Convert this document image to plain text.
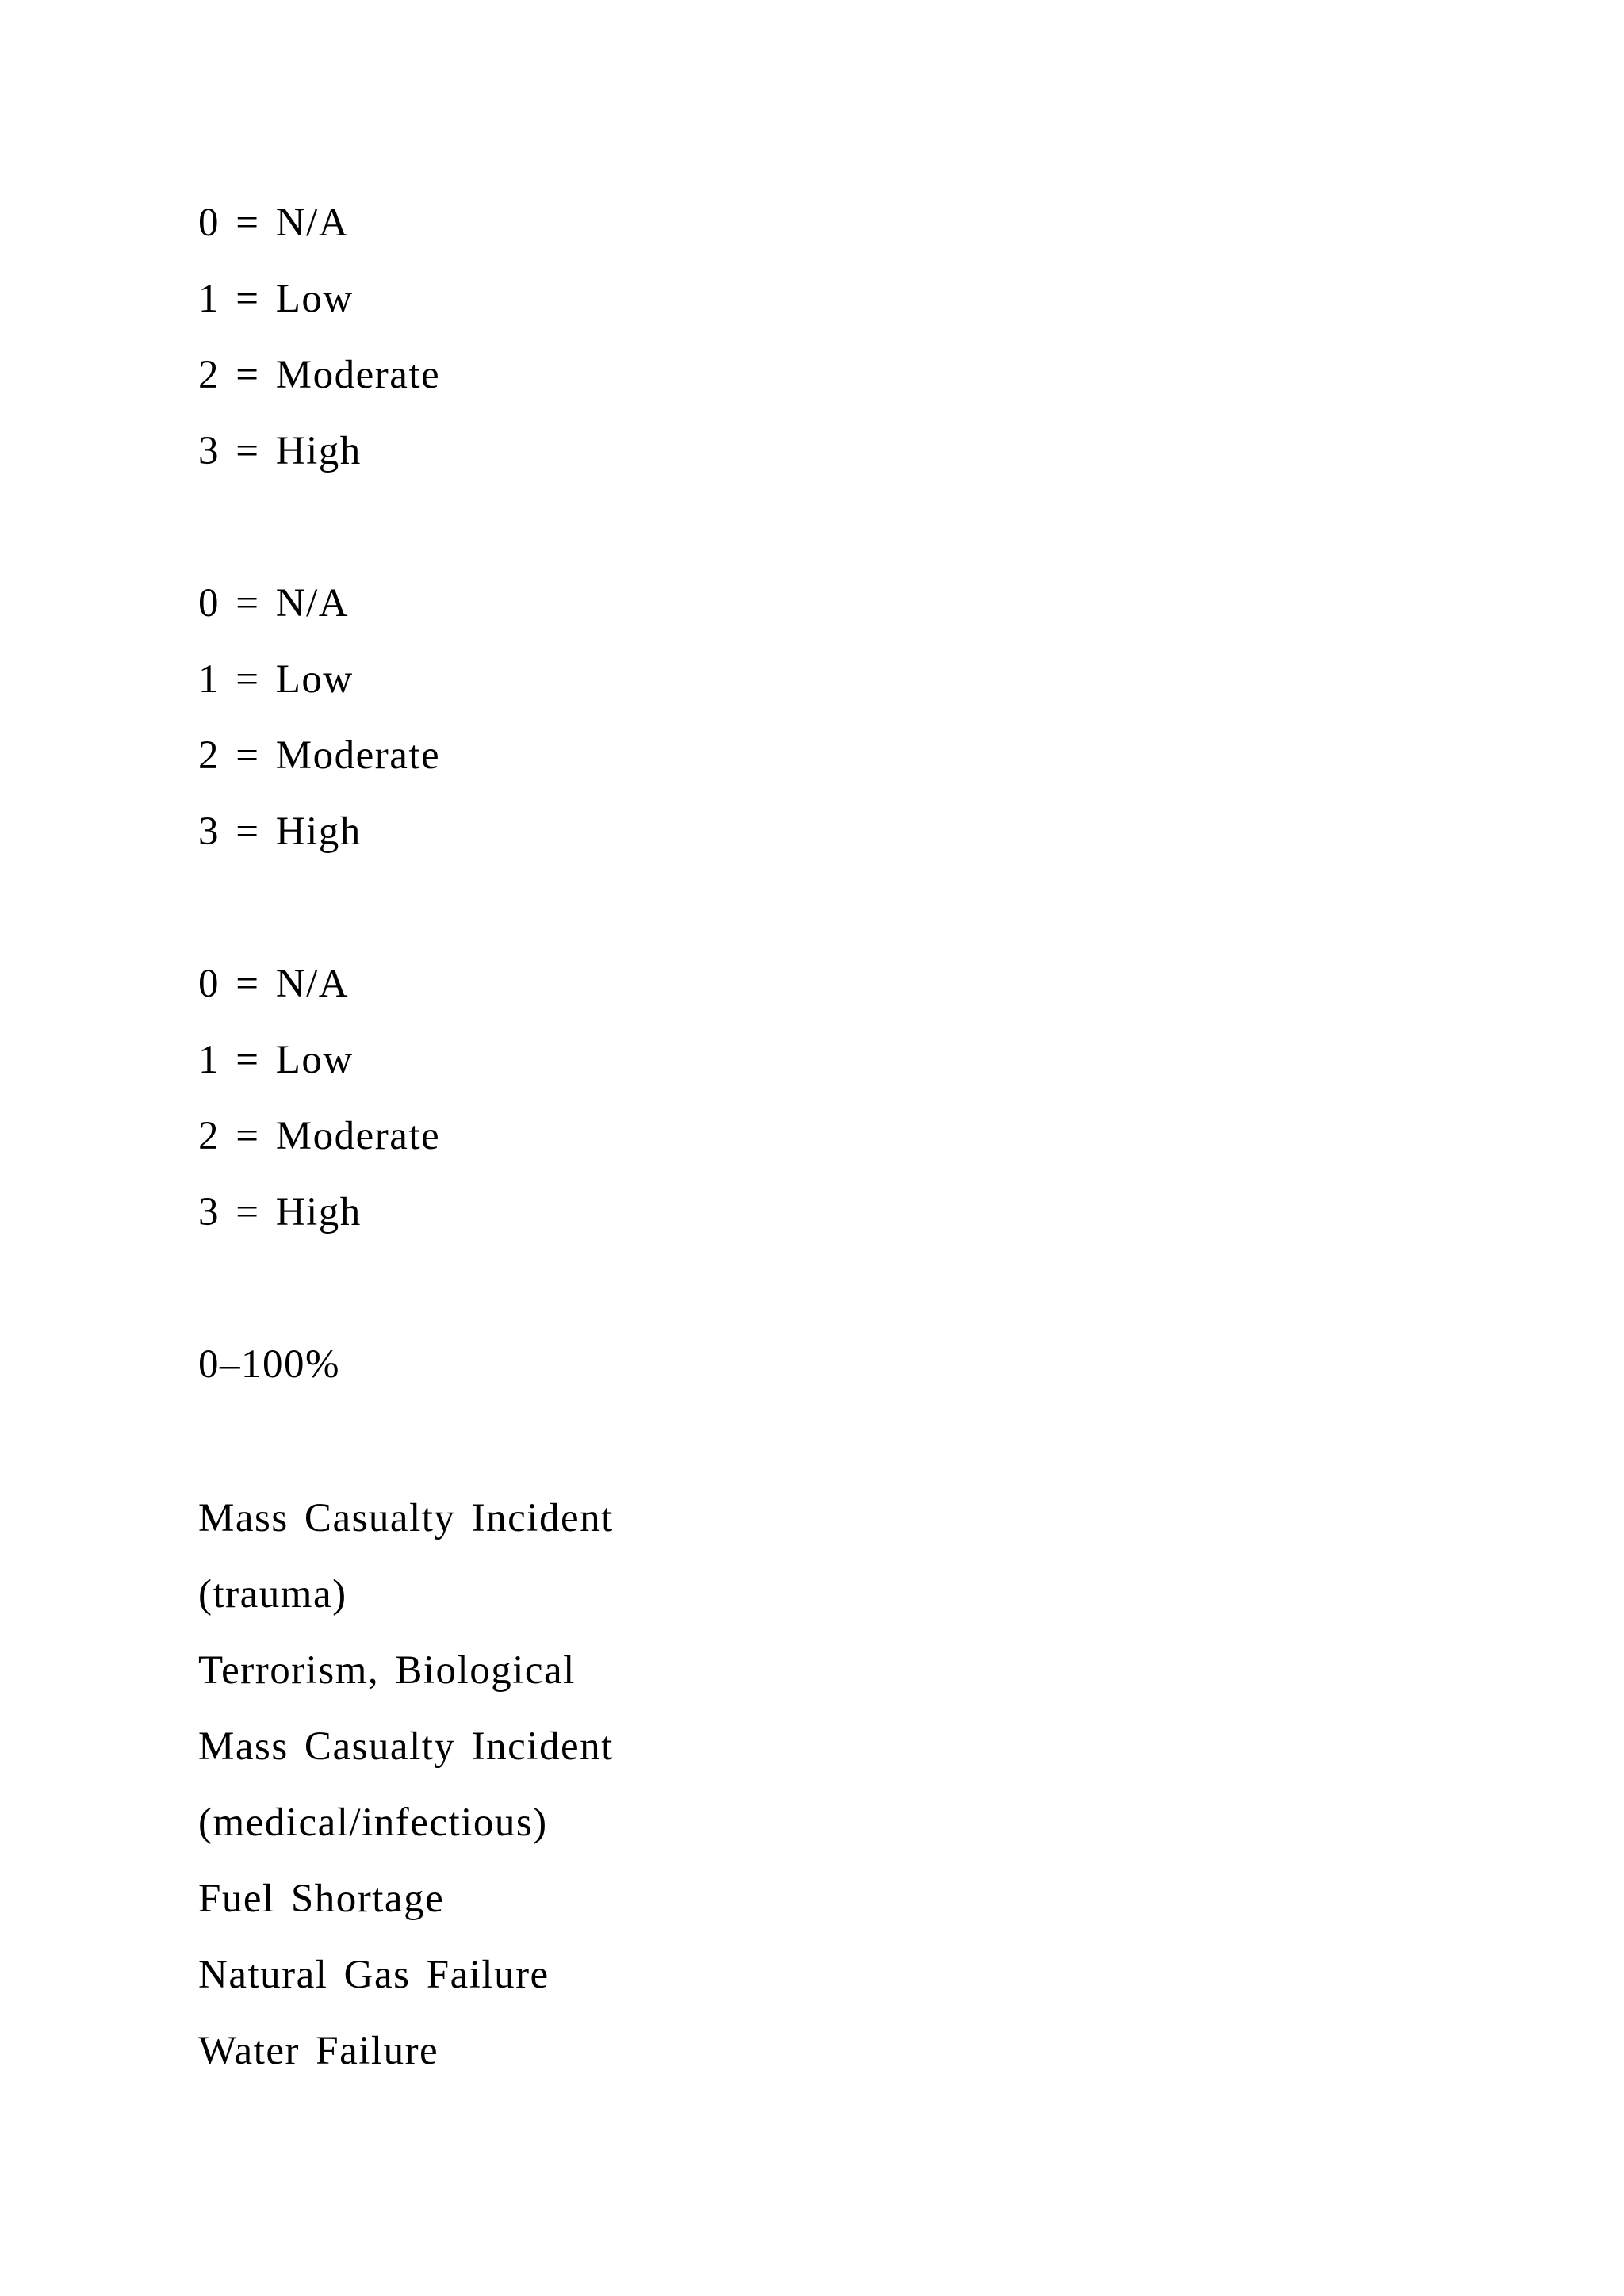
0 = N/A
1 = Low
2 = Moderate
3 = High
0 = N/A
1 = Low
2 = Moderate
3 = High
0 = N/A
1 = Low
2 = Moderate
3 = High
0–100%
Mass Casualty Incident
(trauma)
Terrorism, Biological
Mass Casualty Incident
(medical/infectious)
Fuel Shortage
Natural Gas Failure
Water Failure
